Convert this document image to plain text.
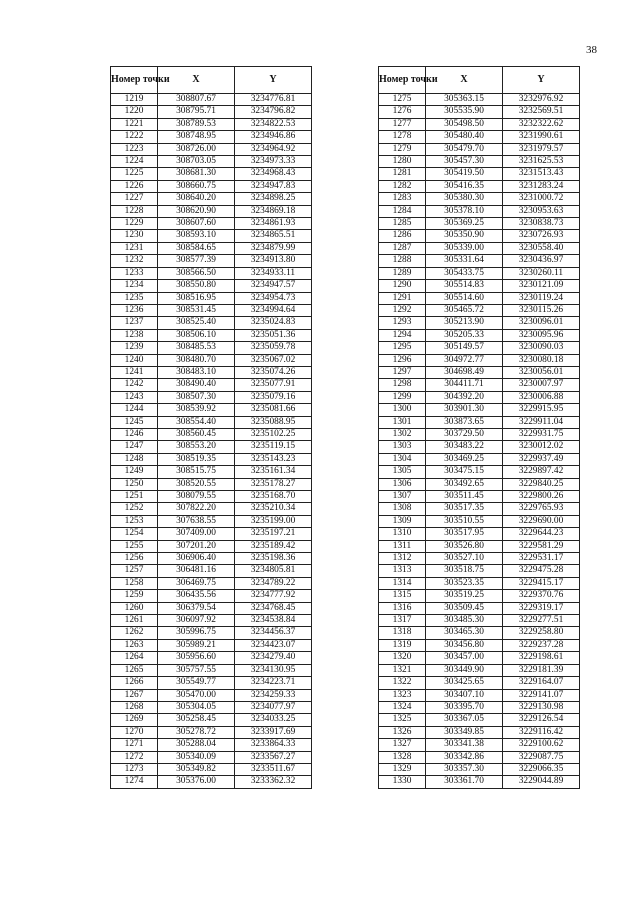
38
Номер точки	X	Y
1219	308807.67	3234776.81
1220	308795.71	3234796.82
1221	308789.53	3234822.53
1222	308748.95	3234946.86
1223	308726.00	3234964.92
1224	308703.05	3234973.33
1225	308681.30	3234968.43
1226	308660.75	3234947.83
1227	308640.20	3234898.25
1228	308620.90	3234869.18
1229	308607.60	3234861.93
1230	308593.10	3234865.51
1231	308584.65	3234879.99
1232	308577.39	3234913.80
1233	308566.50	3234933.11
1234	308550.80	3234947.57
1235	308516.95	3234954.73
1236	308531.45	3234994.64
1237	308525.40	3235024.83
1238	308506.10	3235051.36
1239	308485.53	3235059.78
1240	308480.70	3235067.02
1241	308483.10	3235074.26
1242	308490.40	3235077.91
1243	308507.30	3235079.16
1244	308539.92	3235081.66
1245	308554.40	3235088.95
1246	308560.45	3235102.25
1247	308553.20	3235119.15
1248	308519.35	3235143.23
1249	308515.75	3235161.34
1250	308520.55	3235178.27
1251	308079.55	3235168.70
1252	307822.20	3235210.34
1253	307638.55	3235199.00
1254	307409.00	3235197.21
1255	307201.20	3235189.42
1256	306906.40	3235198.36
1257	306481.16	3234805.81
1258	306469.75	3234789.22
1259	306435.56	3234777.92
1260	306379.54	3234768.45
1261	306097.92	3234538.84
1262	305996.75	3234456.37
1263	305989.21	3234423.07
1264	305956.60	3234279.40
1265	305757.55	3234130.95
1266	305549.77	3234223.71
1267	305470.00	3234259.33
1268	305304.05	3234077.97
1269	305258.45	3234033.25
1270	305278.72	3233917.69
1271	305288.04	3233864.33
1272	305340.09	3233567.27
1273	305349.82	3233511.67
1274	305376.00	3233362.32
Номер точки	X	Y
1275	305363.15	3232976.92
1276	305535.90	3232569.51
1277	305498.50	3232322.62
1278	305480.40	3231990.61
1279	305479.70	3231979.57
1280	305457.30	3231625.53
1281	305419.50	3231513.43
1282	305416.35	3231283.24
1283	305380.30	3231000.72
1284	305378.10	3230953.63
1285	305369.25	3230838.73
1286	305350.90	3230726.93
1287	305339.00	3230558.40
1288	305331.64	3230436.97
1289	305433.75	3230260.11
1290	305514.83	3230121.09
1291	305514.60	3230119.24
1292	305465.72	3230115.26
1293	305213.90	3230096.01
1294	305205.33	3230095.96
1295	305149.57	3230090.03
1296	304972.77	3230080.18
1297	304698.49	3230056.01
1298	304411.71	3230007.97
1299	304392.20	3230006.88
1300	303901.30	3229915.95
1301	303873.65	3229911.04
1302	303729.50	3229931.75
1303	303483.22	3230012.02
1304	303469.25	3229937.49
1305	303475.15	3229897.42
1306	303492.65	3229840.25
1307	303511.45	3229800.26
1308	303517.35	3229765.93
1309	303510.55	3229690.00
1310	303517.95	3229644.23
1311	303526.80	3229581.29
1312	303527.10	3229531.17
1313	303518.75	3229475.28
1314	303523.35	3229415.17
1315	303519.25	3229370.76
1316	303509.45	3229319.17
1317	303485.30	3229277.51
1318	303465.30	3229258.80
1319	303456.80	3229237.28
1320	303457.00	3229198.61
1321	303449.90	3229181.39
1322	303425.65	3229164.07
1323	303407.10	3229141.07
1324	303395.70	3229130.98
1325	303367.05	3229126.54
1326	303349.85	3229116.42
1327	303341.38	3229100.62
1328	303342.86	3229087.75
1329	303357.30	3229066.35
1330	303361.70	3229044.89
